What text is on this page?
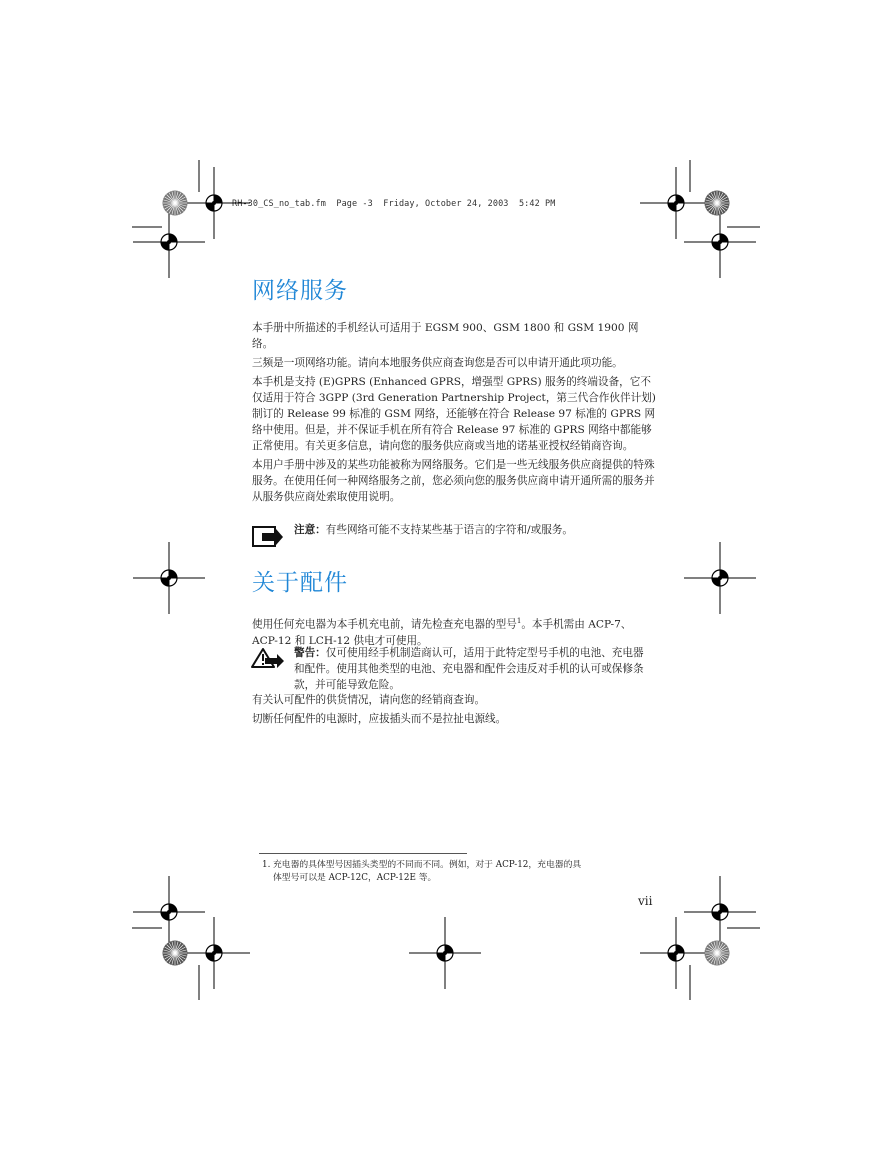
RH-30_CS_no_tab.fm  Page -3  Friday, October 24, 2003  5:42 PM
网络服务

本手册中所描述的手机经认可适用于 EGSM 900、GSM 1800 和 GSM 1900 网络。

三频是一项网络功能。请向本地服务供应商查询您是否可以申请开通此项功能。

本手机是支持 (E)GPRS (Enhanced GPRS，增强型 GPRS) 服务的终端设备，它不仅适用于符合 3GPP (3rd Generation Partnership Project，第三代合作伙伴计划) 制订的 Release 99 标准的 GSM 网络，还能够在符合 Release 97 标准的 GPRS 网络中使用。但是，并不保证手机在所有符合 Release 97 标准的 GPRS 网络中都能够正常使用。有关更多信息，请向您的服务供应商或当地的诺基亚授权经销商咨询。

本用户手册中涉及的某些功能被称为网络服务。它们是一些无线服务供应商提供的特殊服务。在使用任何一种网络服务之前，您必须向您的服务供应商申请开通所需的服务并从服务供应商处索取使用说明。

注意：有些网络可能不支持某些基于语言的字符和/或服务。
关于配件

使用任何充电器为本手机充电前，请先检查充电器的型号$^1$。本手机需由 ACP-7、ACP-12 和 LCH-12 供电才可使用。

警告：仅可使用经手机制造商认可，适用于此特定型号手机的电池、充电器和配件。使用其他类型的电池、充电器和配件会违反对手机的认可或保修条款，并可能导致危险。

有关认可配件的供货情况，请向您的经销商查询。

切断任何配件的电源时，应拔插头而不是拉扯电源线。

1. 充电器的具体型号因插头类型的不同而不同。例如，对于 ACP-12，充电器的具
体型号可以是 ACP-12C，ACP-12E 等。
vii
